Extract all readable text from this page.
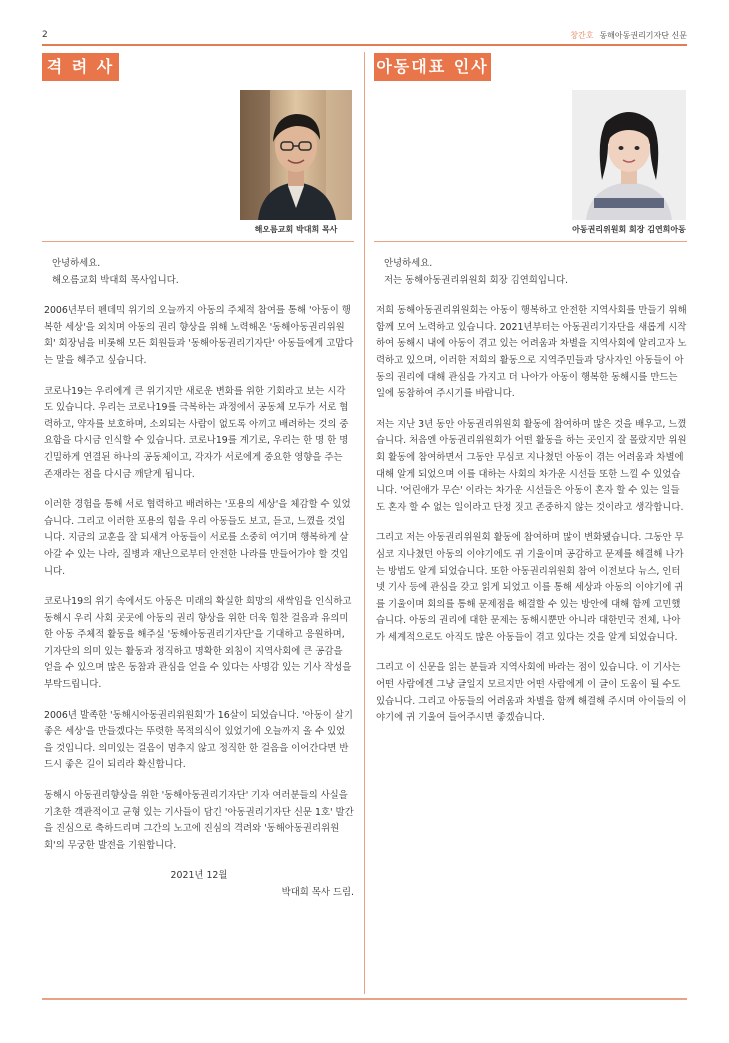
2	창간호 동해아동권리기자단 신문
격 려 사	아동대표 인사
해오름교회 박대희 목사	아동권리위원회 회장 김연희아동
안녕하세요.
해오름교회 박대희 목사입니다.

2006년부터 펜데믹 위기의 오늘까지 아동의 주체적 참여를 통해 '아동이 행복한 세상'을 외치며 아동의 권리 향상을 위해 노력해온 '동해아동권리위원회' 회장님을 비롯해 모든 회원들과 '동해아동권리기자단' 아동들에게 고맙다는 말을 해주고 싶습니다.

코로나19는 우리에게 큰 위기지만 새로운 변화를 위한 기회라고 보는 시각도 있습니다. 우리는 코로나19를 극복하는 과정에서 공동체 모두가 서로 협력하고, 약자를 보호하며, 소외되는 사람이 없도록 아끼고 배려하는 것의 중요함을 다시금 인식할 수 있습니다. 코로나19를 계기로, 우리는 한 명 한 명 긴밀하게 연결된 하나의 공동체이고, 각자가 서로에게 중요한 영향을 주는 존재라는 점을 다시금 깨닫게 됩니다.

이러한 경험을 통해 서로 협력하고 배려하는 '포용의 세상'을 체감할 수 있었습니다. 그리고 이러한 포용의 힘을 우리 아동들도 보고, 듣고, 느꼈을 것입니다. 지금의 교훈을 잘 되새겨 아동들이 서로를 소중히 여기며 행복하게 살아갈 수 있는 나라, 질병과 재난으로부터 안전한 나라를 만들어가야 할 것입니다.

코로나19의 위기 속에서도 아동은 미래의 확실한 희망의 새싹임을 인식하고 동해시 우리 사회 곳곳에 아동의 권리 향상을 위한 더욱 힘찬 걸음과 유의미한 아동 주체적 활동을 해주실 '동해아동권리기자단'을 기대하고 응원하며, 기자단의 의미 있는 활동과 정직하고 명확한 외침이 지역사회에 큰 공감을 얻을 수 있으며 많은 동참과 관심을 얻을 수 있다는 사명감 있는 기사 작성을 부탁드립니다.

2006년 발족한 '동해시아동권리위원회'가 16살이 되었습니다. '아동이 살기 좋은 세상'을 만들겠다는 뚜렷한 목적의식이 있었기에 오늘까지 올 수 있었을 것입니다. 의미있는 걸음이 멈추지 않고 정직한 한 걸음을 이어간다면 반드시 좋은 길이 되리라 확신합니다.

동해시 아동권리향상을 위한 '동해아동권리기자단' 기자 여러분들의 사실을 기초한 객관적이고 균형 있는 기사들이 담긴 '아동권리기자단 신문 1호' 발간을 진심으로 축하드리며 그간의 노고에 진심의 격려와 '동해아동권리위원회'의 무궁한 발전을 기원합니다.

2021년 12월
박대희 목사 드림.
안녕하세요.
저는 동해아동권리위원회 회장 김연희입니다.

저희 동해아동권리위원회는 아동이 행복하고 안전한 지역사회를 만들기 위해 함께 모여 노력하고 있습니다. 2021년부터는 아동권리기자단을 새롭게 시작하여 동해시 내에 아동이 겪고 있는 어려움과 차별을 지역사회에 알리고자 노력하고 있으며, 이러한 저희의 활동으로 지역주민들과 당사자인 아동들이 아동의 권리에 대해 관심을 가지고 더 나아가 아동이 행복한 동해시를 만드는 일에 동참하여 주시기를 바랍니다.

저는 지난 3년 동안 아동권리위원회 활동에 참여하며 많은 것을 배우고, 느꼈습니다. 처음엔 아동권리위원회가 어떤 활동을 하는 곳인지 잘 몰랐지만 위원회 활동에 참여하면서 그동안 무심코 지나쳤던 아동이 겪는 어려움과 차별에 대해 알게 되었으며 이를 대하는 사회의 차가운 시선들 또한 느낄 수 있었습니다. '어린애가 무슨' 이라는 차가운 시선들은 아동이 혼자 할 수 있는 일들도 혼자 할 수 없는 일이라고 단정 짓고 존중하지 않는 것이라고 생각합니다.

그리고 저는 아동권리위원회 활동에 참여하며 많이 변화됐습니다. 그동안 무심코 지나쳤던 아동의 이야기에도 귀 기울이며 공감하고 문제를 해결해 나가는 방법도 알게 되었습니다. 또한 아동권리위원회 참여 이전보다 뉴스, 인터넷 기사 등에 관심을 갖고 읽게 되었고 이를 통해 세상과 아동의 이야기에 귀를 기울이며 회의를 통해 문제점을 해결할 수 있는 방안에 대해 함께 고민했습니다. 아동의 권리에 대한 문제는 동해시뿐만 아니라 대한민국 전체, 나아가 세계적으로도 아직도 많은 아동들이 겪고 있다는 것을 알게 되었습니다.

그리고 이 신문을 읽는 분들과 지역사회에 바라는 점이 있습니다. 이 기사는 어떤 사람에겐 그냥 글일지 모르지만 어떤 사람에게 이 글이 도움이 될 수도 있습니다. 그리고 아동들의 어려움과 차별을 함께 해결해 주시며 아이들의 이야기에 귀 기울여 들어주시면 좋겠습니다.
